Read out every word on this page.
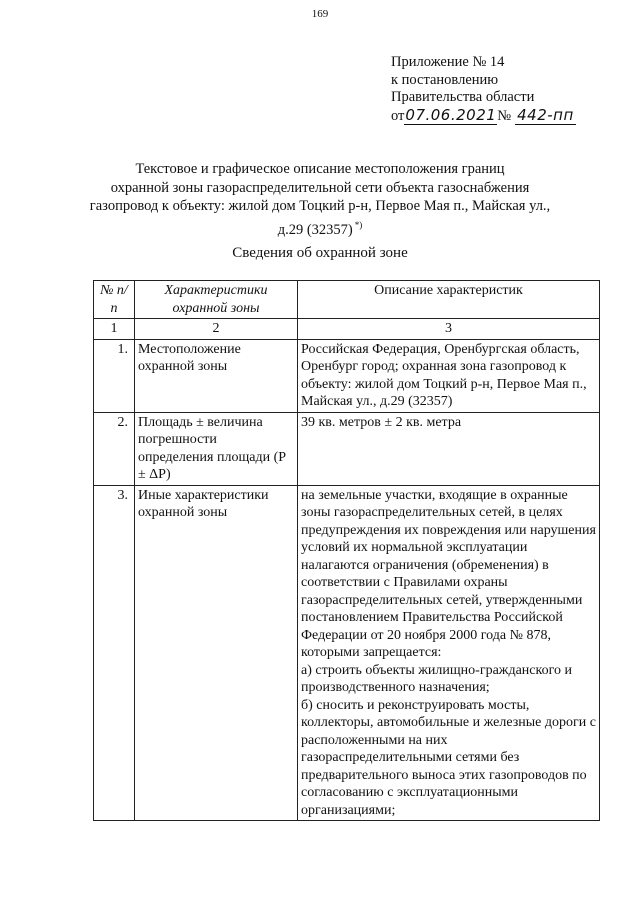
169
Приложение № 14
к постановлению
Правительства области
от07.06.2021№ 442-пп
Текстовое и графическое описание местоположения границ
охранной зоны газораспределительной сети объекта газоснабжения
газопровод к объекту: жилой дом Тоцкий р-н, Первое Мая п., Майская ул.,
д.29 (32357) *)
Сведения об охранной зоне
№ п/п	Характеристики охранной зоны	Описание характеристик
1	2	3
1.	Местоположение охранной зоны	Российская Федерация, Оренбургская область, Оренбург город; охранная зона газопровод к объекту: жилой дом Тоцкий р-н, Первое Мая п., Майская ул., д.29 (32357)
2.	Площадь ± величина погрешности определения площади (P ± ΔP)	39 кв. метров ± 2 кв. метра
3.	Иные характеристики охранной зоны	на земельные участки, входящие в охранные зоны газораспределительных сетей, в целях предупреждения их повреждения или нарушения условий их нормальной эксплуатации налагаются ограничения (обременения) в соответствии с Правилами охраны газораспределительных сетей, утвержденными постановлением Правительства Российской Федерации от 20 ноября 2000 года № 878, которыми запрещается:
а) строить объекты жилищно-гражданского и производственного назначения;
б) сносить и реконструировать мосты, коллекторы, автомобильные и железные дороги с расположенными на них газораспределительными сетями без предварительного выноса этих газопроводов по согласованию с эксплуатационными организациями;
